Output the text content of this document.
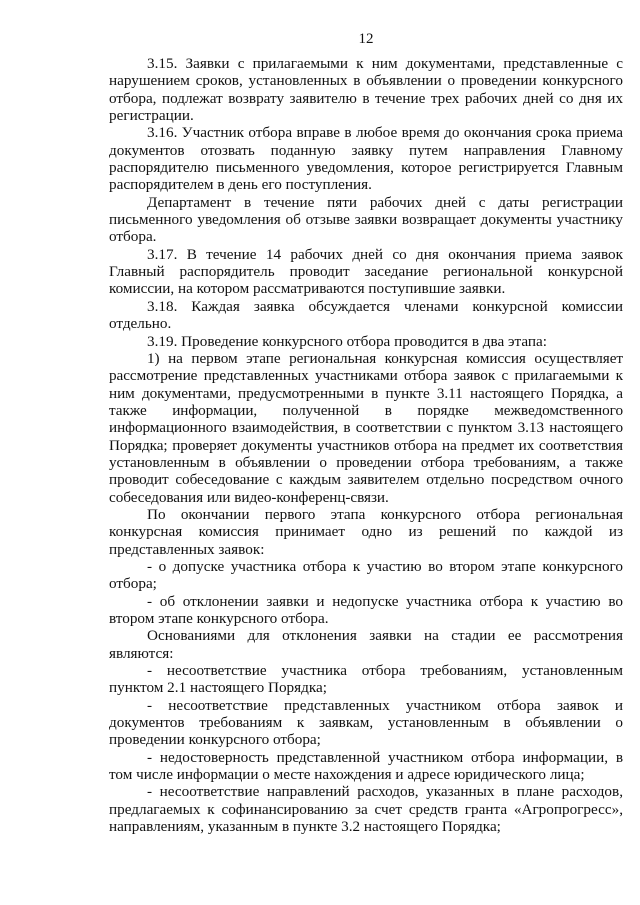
12

3.15. Заявки с прилагаемыми к ним документами, представленные с нарушением сроков, установленных в объявлении о проведении конкурсного отбора, подлежат возврату заявителю в течение трех рабочих дней со дня их регистрации.

3.16. Участник отбора вправе в любое время до окончания срока приема документов отозвать поданную заявку путем направления Главному распорядителю письменного уведомления, которое регистрируется Главным распорядителем в день его поступления.

Департамент в течение пяти рабочих дней с даты регистрации письменного уведомления об отзыве заявки возвращает документы участнику отбора.

3.17. В течение 14 рабочих дней со дня окончания приема заявок Главный распорядитель проводит заседание региональной конкурсной комиссии, на котором рассматриваются поступившие заявки.

3.18. Каждая заявка обсуждается членами конкурсной комиссии отдельно.

3.19. Проведение конкурсного отбора проводится в два этапа:

1) на первом этапе региональная конкурсная комиссия осуществляет рассмотрение представленных участниками отбора заявок с прилагаемыми к ним документами, предусмотренными в пункте 3.11 настоящего Порядка, а также информации, полученной в порядке межведомственного информационного взаимодействия, в соответствии с пунктом 3.13 настоящего Порядка; проверяет документы участников отбора на предмет их соответствия установленным в объявлении о проведении отбора требованиям, а также проводит собеседование с каждым заявителем отдельно посредством очного собеседования или видео-конференц-связи.

По окончании первого этапа конкурсного отбора региональная конкурсная комиссия принимает одно из решений по каждой из представленных заявок:

- о допуске участника отбора к участию во втором этапе конкурсного отбора;

- об отклонении заявки и недопуске участника отбора к участию во втором этапе конкурсного отбора.

Основаниями для отклонения заявки на стадии ее рассмотрения являются:

- несоответствие участника отбора требованиям, установленным пунктом 2.1 настоящего Порядка;

- несоответствие представленных участником отбора заявок и документов требованиям к заявкам, установленным в объявлении о проведении конкурсного отбора;

- недостоверность представленной участником отбора информации, в том числе информации о месте нахождения и адресе юридического лица;

- несоответствие направлений расходов, указанных в плане расходов, предлагаемых к софинансированию за счет средств гранта «Агропрогресс», направлениям, указанным в пункте 3.2 настоящего Порядка;
